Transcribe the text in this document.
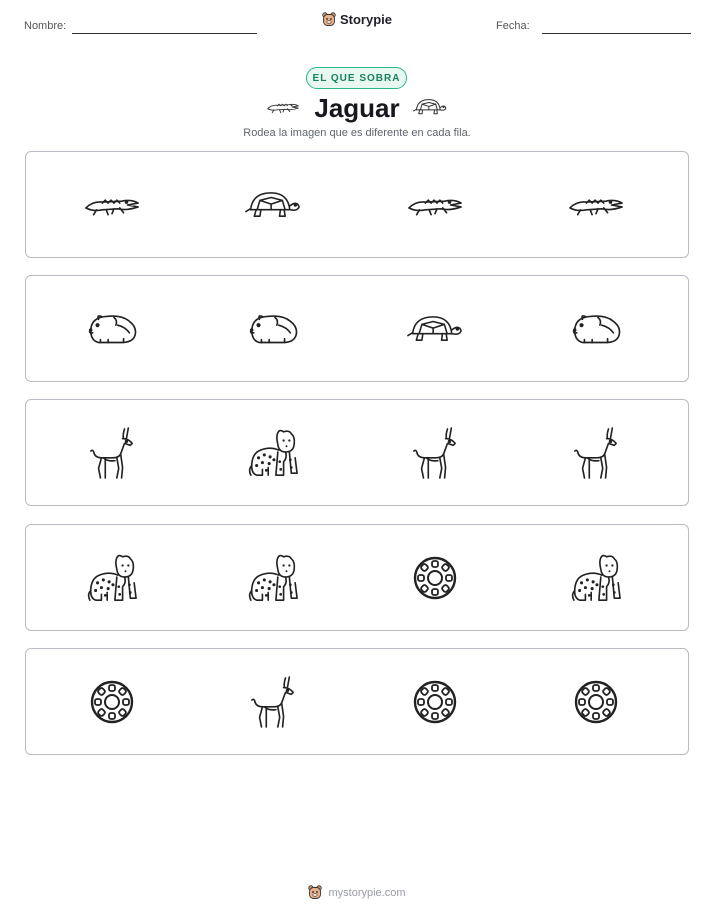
Nombre:	Storypie	Fecha:
EL QUE SOBRA
Jaguar
Rodea la imagen que es diferente en cada fila.
mystorypie.com
